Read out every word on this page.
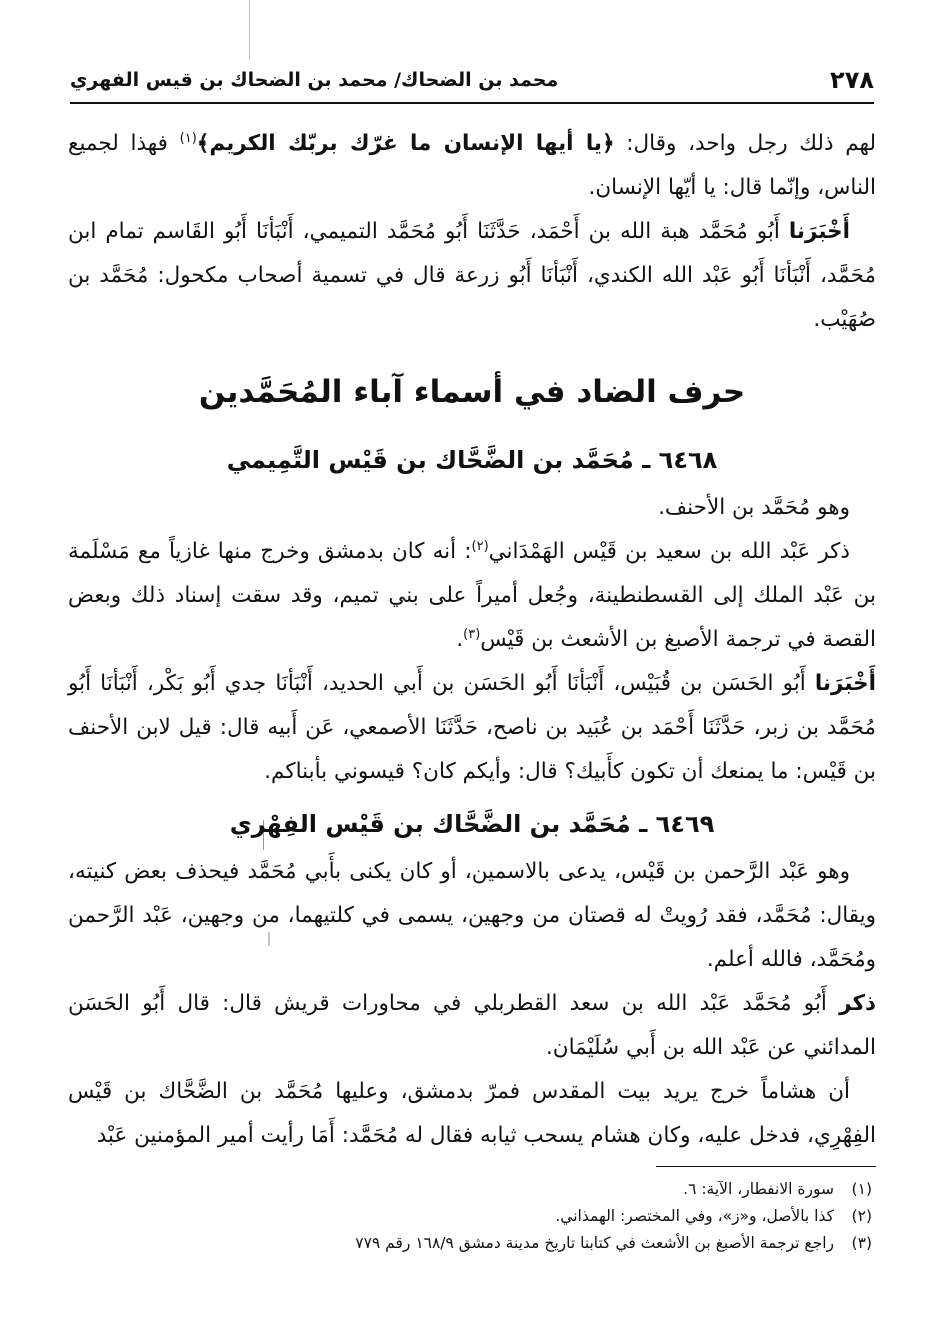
٢٧٨
محمد بن الضحاك/ محمد بن الضحاك بن قيس الفهري

لهم ذلك رجل واحد، وقال: ﴿يا أيها الإنسان ما غرّك بربّك الكريم﴾$^{(١)}$ فهذا لجميع الناس، وإنّما قال: يا أيّها الإنسان.

أَخْبَرَنا أَبُو مُحَمَّد هبة الله بن أَحْمَد، حَدَّثَنَا أَبُو مُحَمَّد التميمي، أَنْبَأنَا أَبُو القَاسم تمام ابن مُحَمَّد، أَنْبَأنَا أَبُو عَبْد الله الكندي، أَنْبَأنَا أَبُو زرعة قال في تسمية أصحاب مكحول: مُحَمَّد بن صُهَيْب.

حرف الضاد في أسماء آباء المُحَمَّدين
٦٤٦٨ ـ مُحَمَّد بن الضَّحَّاك بن قَيْس التَّمِيمي

وهو مُحَمَّد بن الأحنف.

ذكر عَبْد الله بن سعيد بن قَيْس الهَمْدَاني$^{(٢)}$: أنه كان بدمشق وخرج منها غازياً مع مَسْلَمة بن عَبْد الملك إلى القسطنطينة، وجُعل أميراً على بني تميم، وقد سقت إسناد ذلك وبعض القصة في ترجمة الأصبغ بن الأشعث بن قَيْس$^{(٣)}$.

أَخْبَرَنا أَبُو الحَسَن بن قُبَيْس، أَنْبَأنَا أَبُو الحَسَن بن أَبي الحديد، أَنْبَأنَا جدي أَبُو بَكْر، أَنْبَأنَا أَبُو مُحَمَّد بن زبر، حَدَّثَنَا أَحْمَد بن عُبَيد بن ناصح، حَدَّثَنَا الأصمعي، عَن أَبيه قال: قيل لابن الأحنف بن قَيْس: ما يمنعك أن تكون كأَبيك؟ قال: وأيكم كان؟ قيسوني بأبناكم.

٦٤٦٩ ـ مُحَمَّد بن الضَّحَّاك بن قَيْس الفِهْري

وهو عَبْد الرَّحمن بن قَيْس، يدعى بالاسمين، أو كان يكنى بأَبي مُحَمَّد فيحذف بعض كنيته، ويقال: مُحَمَّد، فقد رُويتْ له قصتان من وجهين، يسمى في كلتيهما، من وجهين، عَبْد الرَّحمن ومُحَمَّد، فالله أعلم.

ذكر أَبُو مُحَمَّد عَبْد الله بن سعد القطربلي في محاورات قريش قال: قال أَبُو الحَسَن المدائني عن عَبْد الله بن أَبي سُلَيْمَان.

أن هشاماً خرج يريد بيت المقدس فمرّ بدمشق، وعليها مُحَمَّد بن الضَّحَّاك بن قَيْس الفِهْرِي، فدخل عليه، وكان هشام يسحب ثيابه فقال له مُحَمَّد: أَمَا رأيت أمير المؤمنين عَبْد

(١)
سورة الانفطار، الآية: ٦.
(٢)
كذا بالأصل، و«ز»، وفي المختصر: الهمذاني.
(٣)
راجع ترجمة الأصبغ بن الأشعث في كتابنا تاريخ مدينة دمشق ١٦٨/٩ رقم ٧٧٩
